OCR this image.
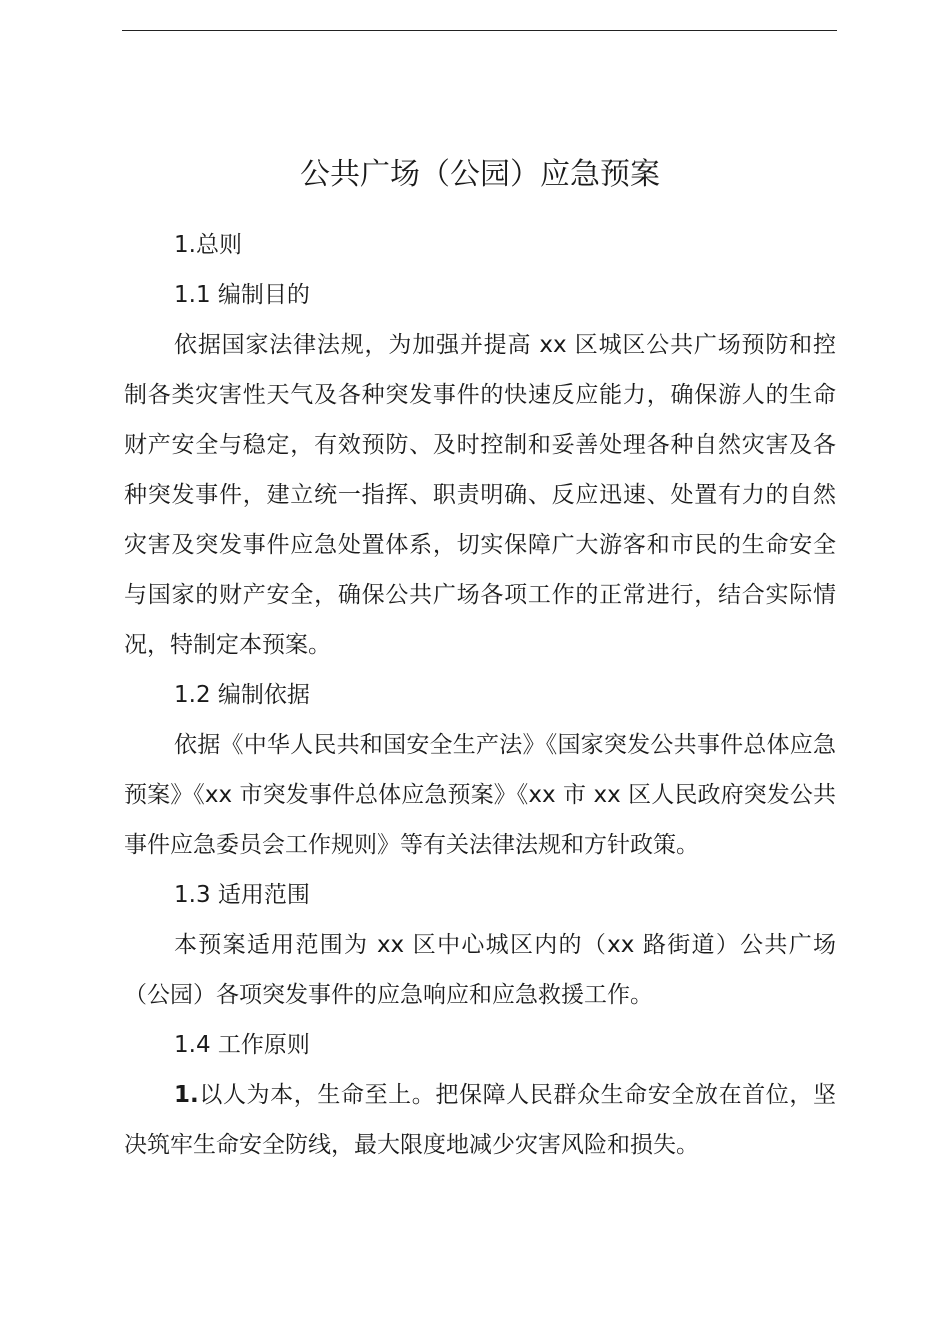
公共广场（公园）应急预案

1.总则

1.1 编制目的

依据国家法律法规，为加强并提高 xx 区城区公共广场预防和控制各类灾害性天气及各种突发事件的快速反应能力，确保游人的生命财产安全与稳定，有效预防、及时控制和妥善处理各种自然灾害及各种突发事件，建立统一指挥、职责明确、反应迅速、处置有力的自然灾害及突发事件应急处置体系，切实保障广大游客和市民的生命安全与国家的财产安全，确保公共广场各项工作的正常进行，结合实际情况，特制定本预案。

1.2 编制依据

依据《中华人民共和国安全生产法》《国家突发公共事件总体应急预案》《xx 市突发事件总体应急预案》《xx 市 xx 区人民政府突发公共事件应急委员会工作规则》等有关法律法规和方针政策。

1.3 适用范围

本预案适用范围为 xx 区中心城区内的（xx 路街道）公共广场（公园）各项突发事件的应急响应和应急救援工作。

1.4 工作原则

1.以人为本，生命至上。把保障人民群众生命安全放在首位，坚决筑牢生命安全防线，最大限度地减少灾害风险和损失。
